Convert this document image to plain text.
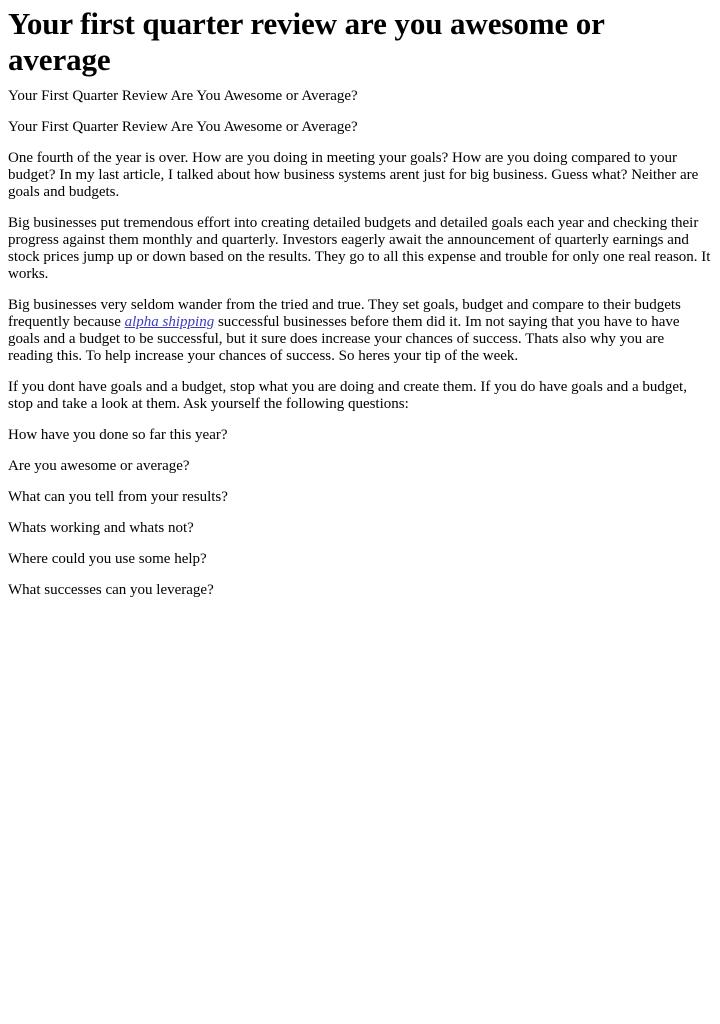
Your first quarter review are you awesome or average

Your First Quarter Review Are You Awesome or Average?

Your First Quarter Review Are You Awesome or Average?

One fourth of the year is over. How are you doing in meeting your goals? How are you doing compared to your budget? In my last article, I talked about how business systems arent just for big business. Guess what? Neither are goals and budgets.

Big businesses put tremendous effort into creating detailed budgets and detailed goals each year and checking their progress against them monthly and quarterly. Investors eagerly await the announcement of quarterly earnings and stock prices jump up or down based on the results. They go to all this expense and trouble for only one real reason. It works.

Big businesses very seldom wander from the tried and true. They set goals, budget and compare to their budgets frequently because alpha shipping successful businesses before them did it. Im not saying that you have to have goals and a budget to be successful, but it sure does increase your chances of success. Thats also why you are reading this. To help increase your chances of success. So heres your tip of the week.

If you dont have goals and a budget, stop what you are doing and create them. If you do have goals and a budget, stop and take a look at them. Ask yourself the following questions:

How have you done so far this year?

Are you awesome or average?

What can you tell from your results?

Whats working and whats not?

Where could you use some help?

What successes can you leverage?
